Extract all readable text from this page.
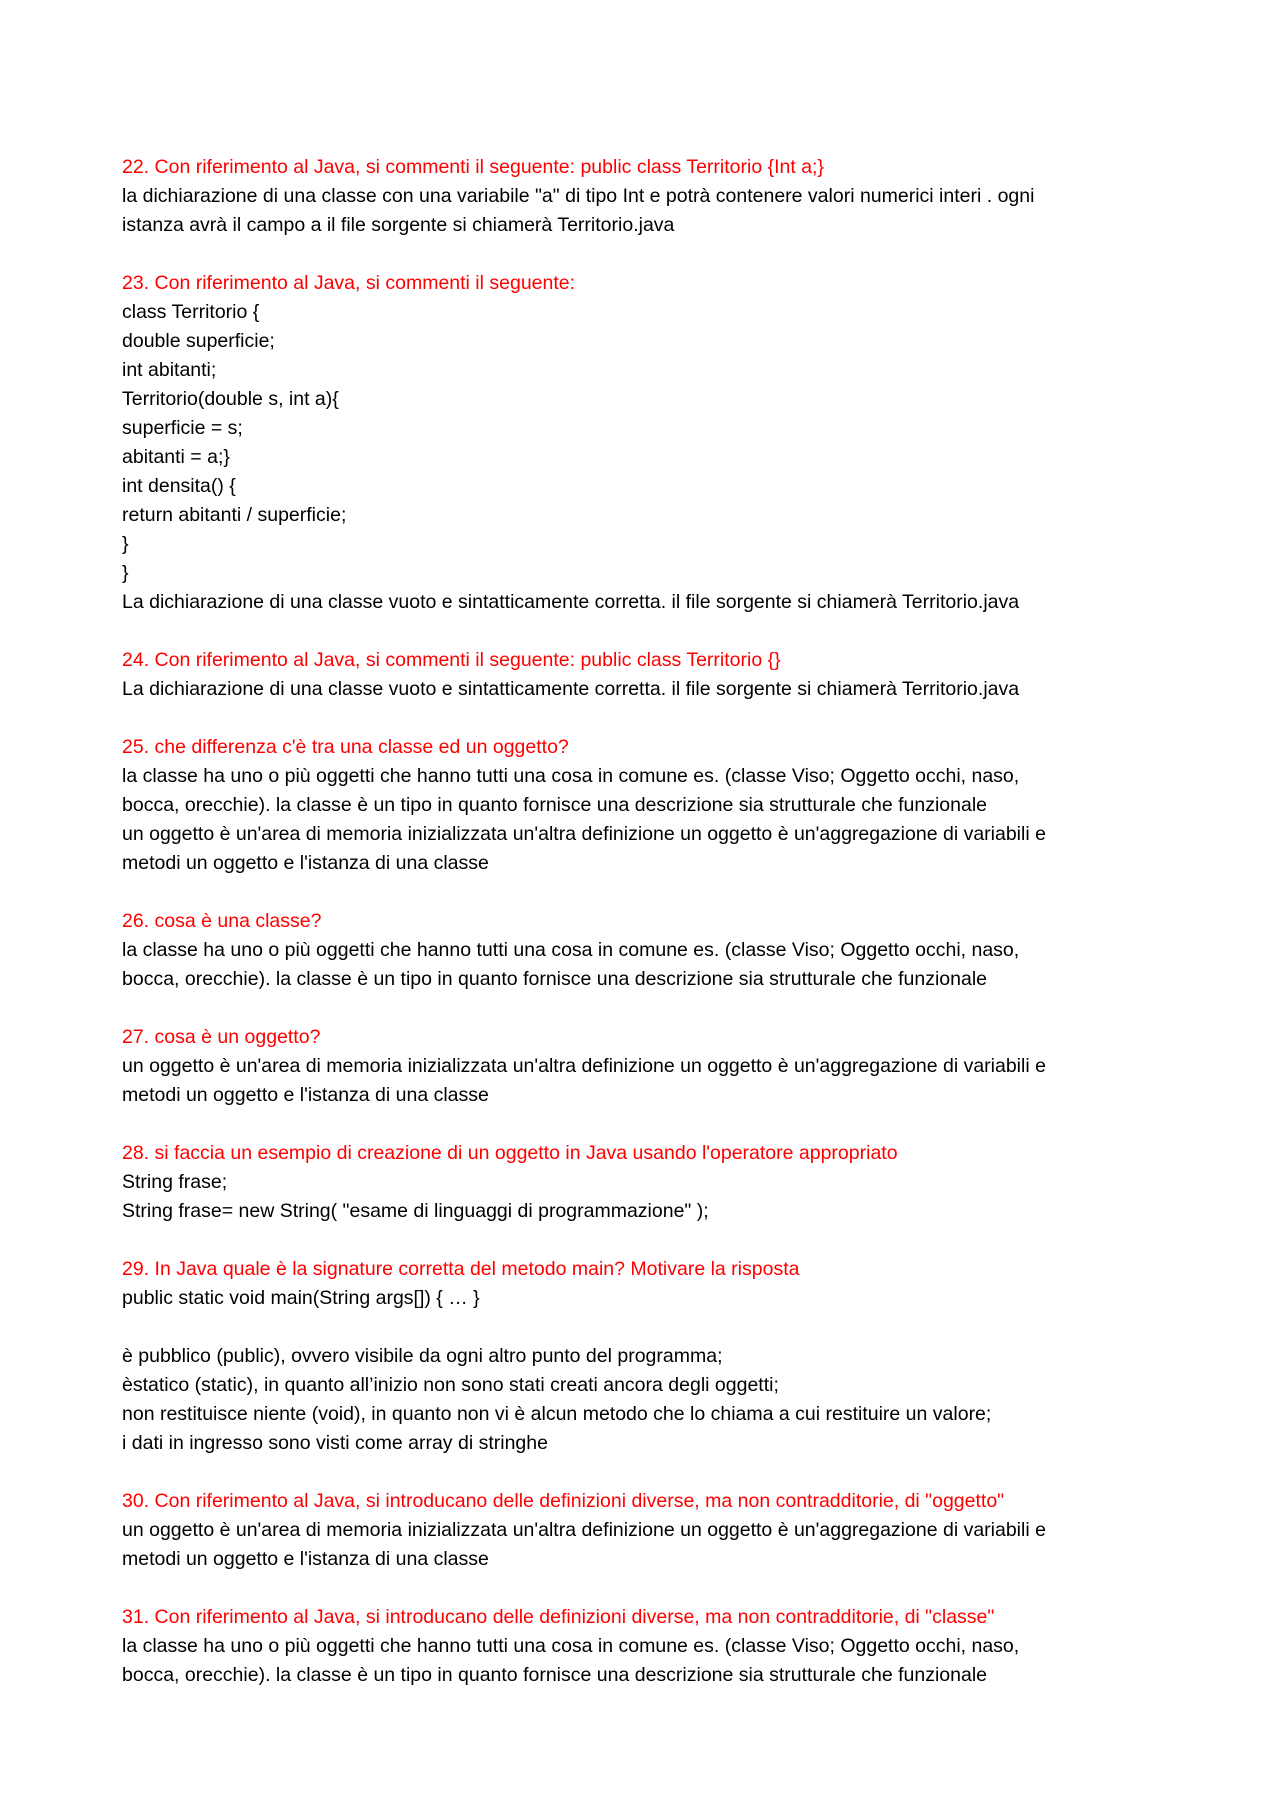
22. Con riferimento al Java, si commenti il seguente: public class Territorio {Int a;}
la dichiarazione di una classe con una variabile "a" di tipo Int e potrà contenere valori numerici interi . ogni
istanza avrà il campo a il file sorgente si chiamerà Territorio.java
23. Con riferimento al Java, si commenti il seguente:
class Territorio {
double superficie;
int abitanti;
Territorio(double s, int a){
superficie = s;
abitanti = a;}
int densita() {
return abitanti / superficie;
}
}
La dichiarazione di una classe vuoto e sintatticamente corretta. il file sorgente si chiamerà Territorio.java
24. Con riferimento al Java, si commenti il seguente: public class Territorio {}
La dichiarazione di una classe vuoto e sintatticamente corretta. il file sorgente si chiamerà Territorio.java
25. che differenza c'è tra una classe ed un oggetto?
la classe ha uno o più oggetti che hanno tutti una cosa in comune es. (classe Viso; Oggetto occhi, naso,
bocca, orecchie). la classe è un tipo in quanto fornisce una descrizione sia strutturale che funzionale
un oggetto è un'area di memoria inizializzata un'altra definizione un oggetto è un'aggregazione di variabili e
metodi un oggetto e l'istanza di una classe
26. cosa è una classe?
la classe ha uno o più oggetti che hanno tutti una cosa in comune es. (classe Viso; Oggetto occhi, naso,
bocca, orecchie). la classe è un tipo in quanto fornisce una descrizione sia strutturale che funzionale
27. cosa è un oggetto?
un oggetto è un'area di memoria inizializzata un'altra definizione un oggetto è un'aggregazione di variabili e
metodi un oggetto e l'istanza di una classe
28. si faccia un esempio di creazione di un oggetto in Java usando l'operatore appropriato
String frase;
String frase= new String( "esame di linguaggi di programmazione" );
29. In Java quale è la signature corretta del metodo main? Motivare la risposta
public static void main(String args[]) { … }
è pubblico (public), ovvero visibile da ogni altro punto del programma;
èstatico (static), in quanto all’inizio non sono stati creati ancora degli oggetti;
non restituisce niente (void), in quanto non vi è alcun metodo che lo chiama a cui restituire un valore;
i dati in ingresso sono visti come array di stringhe
30. Con riferimento al Java, si introducano delle definizioni diverse, ma non contradditorie, di "oggetto"
un oggetto è un'area di memoria inizializzata un'altra definizione un oggetto è un'aggregazione di variabili e
metodi un oggetto e l'istanza di una classe
31. Con riferimento al Java, si introducano delle definizioni diverse, ma non contradditorie, di "classe"
la classe ha uno o più oggetti che hanno tutti una cosa in comune es. (classe Viso; Oggetto occhi, naso,
bocca, orecchie). la classe è un tipo in quanto fornisce una descrizione sia strutturale che funzionale
